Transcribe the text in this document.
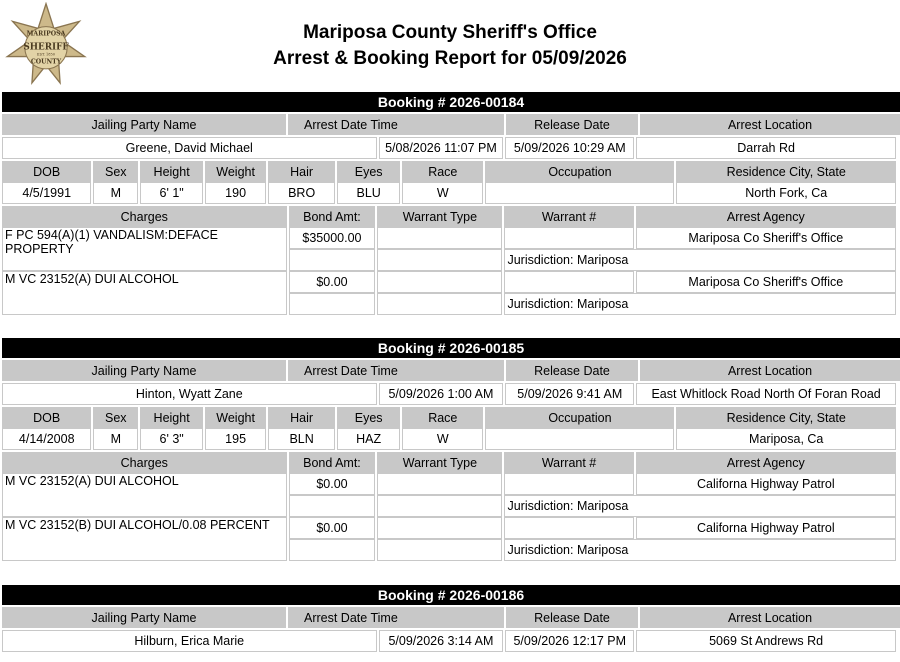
MARIPOSA
SHERIFF
EST. 1850
COUNTY
Mariposa County Sheriff's Office
Arrest & Booking Report for 05/09/2026
Booking # 2026-00184

Jailing Party Name	Arrest Date Time	Release Date	Arrest Location

Greene, David Michael	5/08/2026 11:07 PM	5/09/2026 10:29 AM	Darrah Rd

DOB	Sex	Height	Weight	Hair	Eyes	Race	Occupation	Residence City, State
4/5/1991	M	6' 1"	190	BRO	BLU	W		North Fork, Ca

Charges	Bond Amt:	Warrant Type	Warrant #	Arrest Agency
F PC 594(A)(1) VANDALISM:DEFACE PROPERTY	$35000.00			Mariposa Co Sheriff's Office
			Jurisdiction: Mariposa	
M VC 23152(A) DUI ALCOHOL	$0.00			Mariposa Co Sheriff's Office
			Jurisdiction: Mariposa	
Booking # 2026-00185

Jailing Party Name	Arrest Date Time	Release Date	Arrest Location

Hinton, Wyatt Zane	5/09/2026 1:00 AM	5/09/2026 9:41 AM	East Whitlock Road North Of Foran Road

DOB	Sex	Height	Weight	Hair	Eyes	Race	Occupation	Residence City, State
4/14/2008	M	6' 3"	195	BLN	HAZ	W		Mariposa, Ca

Charges	Bond Amt:	Warrant Type	Warrant #	Arrest Agency
M VC 23152(A) DUI ALCOHOL	$0.00			Californa Highway Patrol
			Jurisdiction: Mariposa	
M VC 23152(B) DUI ALCOHOL/0.08 PERCENT	$0.00			Californa Highway Patrol
			Jurisdiction: Mariposa	
Booking # 2026-00186

Jailing Party Name	Arrest Date Time	Release Date	Arrest Location

Hilburn, Erica Marie	5/09/2026 3:14 AM	5/09/2026 12:17 PM	5069 St Andrews Rd
